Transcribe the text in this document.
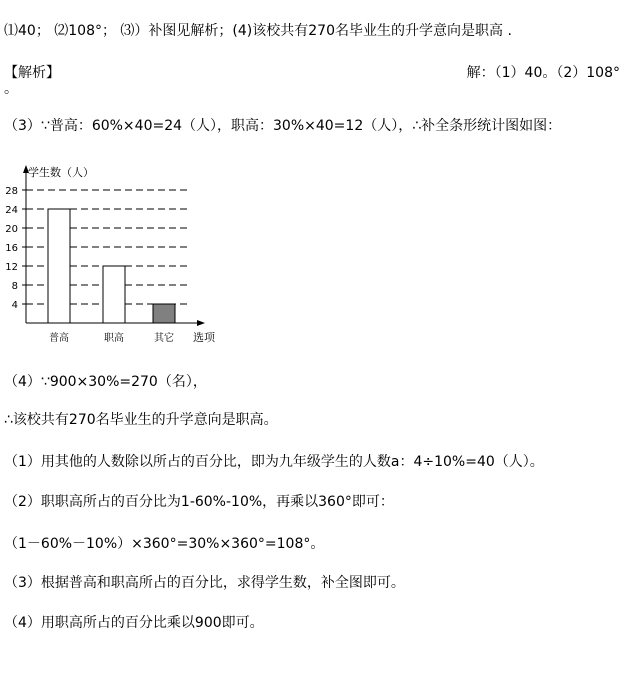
⑴40； ⑵108°； ⑶）补图见解析；(4)该校共有270名毕业生的升学意向是职高 .
【解析】	解：（1）40。（2）108°
。
（3）∵普高：60%×40=24（人），职高：30%×40=12（人），∴补全条形统计图如图：
4
8
12
16
20
24
28
学生数（人）
选项
普高	职高	其它
（4）∵900×30%=270（名），
∴该校共有270名毕业生的升学意向是职高。
（1）用其他的人数除以所占的百分比，即为九年级学生的人数a：4÷10%=40（人）。
（2）职职高所占的百分比为1-60%-10%，再乘以360°即可：
（1－60%－10%）×360°=30%×360°=108°。
（3）根据普高和职高所占的百分比，求得学生数，补全图即可。
（4）用职高所占的百分比乘以900即可。
